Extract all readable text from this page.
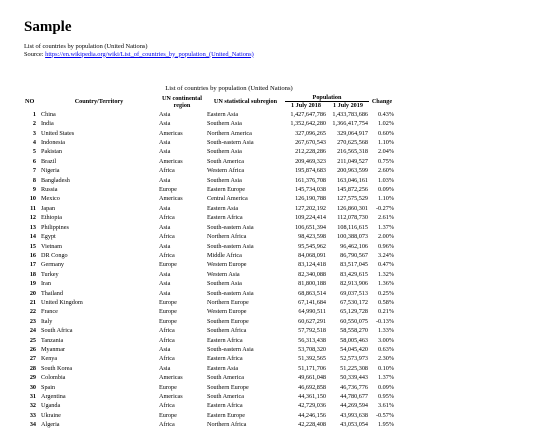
Sample
List of countries by population (United Nations)
Source: https://en.wikipedia.org/wiki/List_of_countries_by_population_(United_Nations)
List of countries by population (United Nations)
NO	Country/Territory	UN continental region	UN statistical subregion	Population		Change
				1 July 2018	1 July 2019	
1	China	Asia	Eastern Asia	1,427,647,786	1,433,783,686	0.43%
2	India	Asia	Southern Asia	1,352,642,280	1,366,417,754	1.02%
3	United States	Americas	Northern America	327,096,265	329,064,917	0.60%
4	Indonesia	Asia	South-eastern Asia	267,670,543	270,625,568	1.10%
5	Pakistan	Asia	Southern Asia	212,228,286	216,565,318	2.04%
6	Brazil	Americas	South America	209,469,323	211,049,527	0.75%
7	Nigeria	Africa	Western Africa	195,874,683	200,963,599	2.60%
8	Bangladesh	Asia	Southern Asia	161,376,708	163,046,161	1.03%
9	Russia	Europe	Eastern Europe	145,734,038	145,872,256	0.09%
10	Mexico	Americas	Central America	126,190,788	127,575,529	1.10%
11	Japan	Asia	Eastern Asia	127,202,192	126,860,301	-0.27%
12	Ethiopia	Africa	Eastern Africa	109,224,414	112,078,730	2.61%
13	Philippines	Asia	South-eastern Asia	106,651,394	108,116,615	1.37%
14	Egypt	Africa	Northern Africa	98,423,598	100,388,073	2.00%
15	Vietnam	Asia	South-eastern Asia	95,545,962	96,462,106	0.96%
16	DR Congo	Africa	Middle Africa	84,068,091	86,790,567	3.24%
17	Germany	Europe	Western Europe	83,124,418	83,517,045	0.47%
18	Turkey	Asia	Western Asia	82,340,088	83,429,615	1.32%
19	Iran	Asia	Southern Asia	81,800,188	82,913,906	1.36%
20	Thailand	Asia	South-eastern Asia	68,863,514	69,037,513	0.25%
21	United Kingdom	Europe	Northern Europe	67,141,684	67,530,172	0.58%
22	France	Europe	Western Europe	64,990,511	65,129,728	0.21%
23	Italy	Europe	Southern Europe	60,627,291	60,550,075	-0.13%
24	South Africa	Africa	Southern Africa	57,792,518	58,558,270	1.33%
25	Tanzania	Africa	Eastern Africa	56,313,438	58,005,463	3.00%
26	Myanmar	Asia	South-eastern Asia	53,708,320	54,045,420	0.63%
27	Kenya	Africa	Eastern Africa	51,392,565	52,573,973	2.30%
28	South Korea	Asia	Eastern Asia	51,171,706	51,225,308	0.10%
29	Colombia	Americas	South America	49,661,048	50,339,443	1.37%
30	Spain	Europe	Southern Europe	46,692,858	46,736,776	0.09%
31	Argentina	Americas	South America	44,361,150	44,780,677	0.95%
32	Uganda	Africa	Eastern Africa	42,729,036	44,269,594	3.61%
33	Ukraine	Europe	Eastern Europe	44,246,156	43,993,638	-0.57%
34	Algeria	Africa	Northern Africa	42,228,408	43,053,054	1.95%
